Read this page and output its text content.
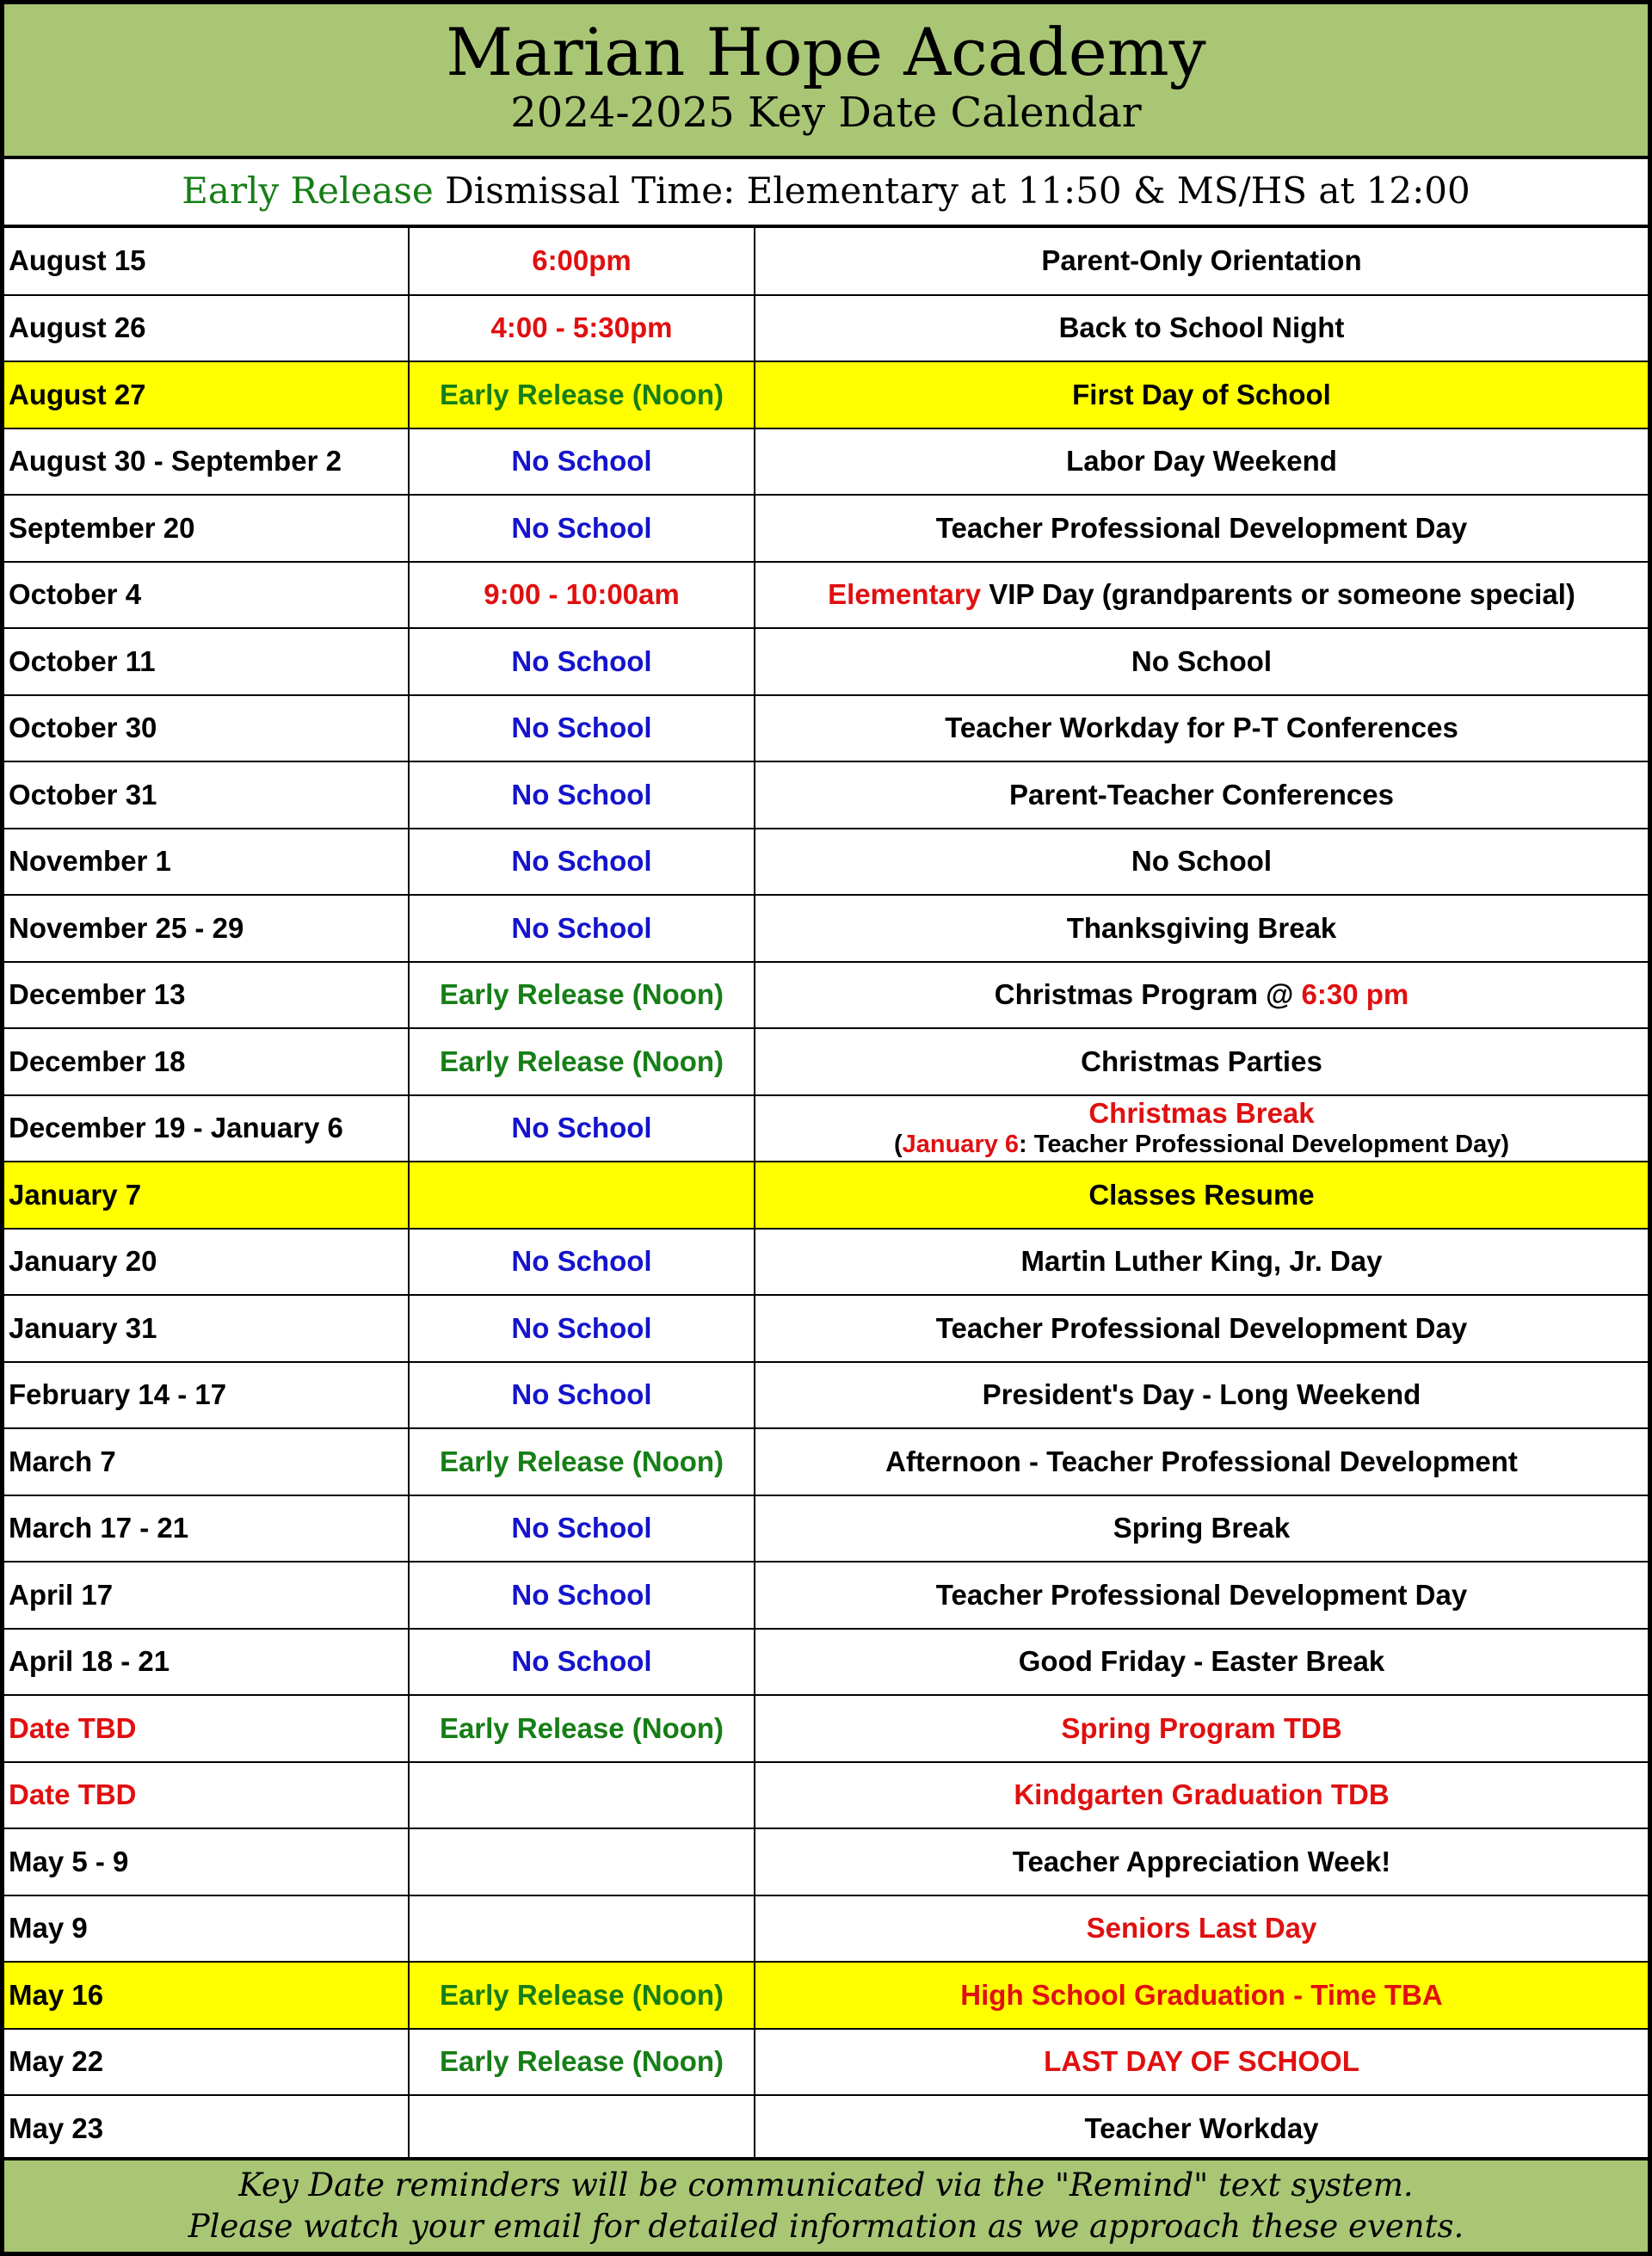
Marian Hope Academy
2024-2025 Key Date Calendar
Early Release Dismissal Time: Elementary at 11:50 & MS/HS at 12:00
August 15	6:00pm	Parent-Only Orientation
August 26	4:00 - 5:30pm	Back to School Night
August 27	Early Release (Noon)	First Day of School
August 30 - September 2	No School	Labor Day Weekend
September 20	No School	Teacher Professional Development Day
October 4	9:00 - 10:00am	Elementary VIP Day (grandparents or someone special)
October 11	No School	No School
October 30	No School	Teacher Workday for P-T Conferences
October 31	No School	Parent-Teacher Conferences
November 1	No School	No School
November 25 - 29	No School	Thanksgiving Break
December 13	Early Release (Noon)	Christmas Program @ 6:30 pm
December 18	Early Release (Noon)	Christmas Parties
December 19 - January 6	No School	Christmas Break
(January 6: Teacher Professional Development Day)

January 7		Classes Resume
January 20	No School	Martin Luther King, Jr. Day
January 31	No School	Teacher Professional Development Day
February 14 - 17	No School	President's Day - Long Weekend
March 7	Early Release (Noon)	Afternoon - Teacher Professional Development
March 17 - 21	No School	Spring Break
April 17	No School	Teacher Professional Development Day
April 18 - 21	No School	Good Friday - Easter Break
Date TBD	Early Release (Noon)	Spring Program TDB
Date TBD		Kindgarten Graduation TDB
May 5 - 9		Teacher Appreciation Week!
May 9		Seniors Last Day
May 16	Early Release (Noon)	High School Graduation - Time TBA
May 22	Early Release (Noon)	LAST DAY OF SCHOOL
May 23		Teacher Workday
Key Date reminders will be communicated via the "Remind" text system.
Please watch your email for detailed information as we approach these events.
